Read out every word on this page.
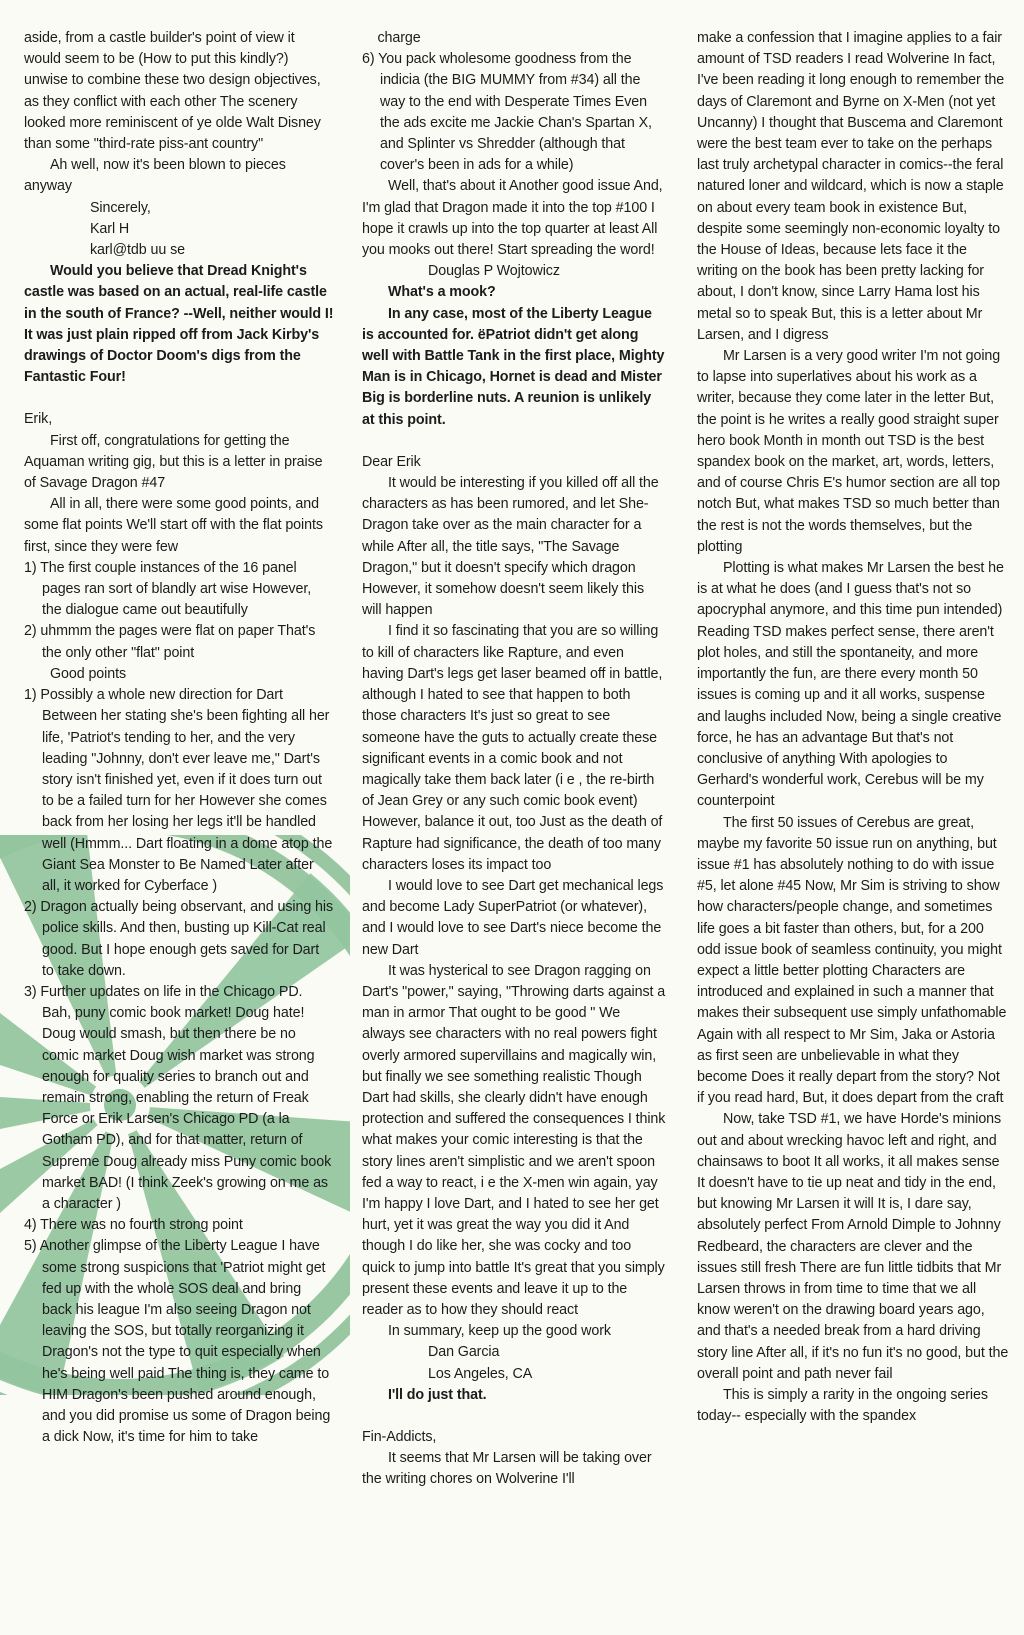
aside, from a castle builder's point of view it would seem to be (How to put this kindly?) unwise to combine these two design objectives, as they conflict with each other The scenery looked more reminiscent of ye olde Walt Disney than some "third-rate piss-ant country"

Ah well, now it's been blown to pieces anyway

Sincerely,

Karl H

karl@tdb uu se

Would you believe that Dread Knight's castle was based on an actual, real-life castle in the south of France? --Well, neither would I! It was just plain ripped off from Jack Kirby's drawings of Doctor Doom's digs from the Fantastic Four!

Erik,

First off, congratulations for getting the Aquaman writing gig, but this is a letter in praise of Savage Dragon #47

All in all, there were some good points, and some flat points We'll start off with the flat points first, since they were few

1) The first couple instances of the 16 panel pages ran sort of blandly art wise However, the dialogue came out beautifully

2) uhmmm the pages were flat on paper That's the only other "flat" point

Good points

1) Possibly a whole new direction for Dart Between her stating she's been fighting all her life, 'Patriot's tending to her, and the very leading "Johnny, don't ever leave me," Dart's story isn't finished yet, even if it does turn out to be a failed turn for her However she comes back from her losing her legs it'll be handled well (Hmmm... Dart floating in a dome atop the Giant Sea Monster to Be Named Later after all, it worked for Cyberface )

2) Dragon actually being observant, and using his police skills. And then, busting up Kill-Cat real good. But I hope enough gets saved for Dart to take down.

3) Further updates on life in the Chicago PD. Bah, puny comic book market! Doug hate! Doug would smash, but then there be no comic market Doug wish market was strong enough for quality series to branch out and remain strong, enabling the return of Freak Force or Erik Larsen's Chicago PD (a la Gotham PD), and for that matter, return of Supreme Doug already miss Puny comic book market BAD! (I think Zeek's growing on me as a character )

4) There was no fourth strong point

5) Another glimpse of the Liberty League I have some strong suspicions that 'Patriot might get fed up with the whole SOS deal and bring back his league I'm also seeing Dragon not leaving the SOS, but totally reorganizing it Dragon's not the type to quit especially when he's being well paid The thing is, they came to HIM Dragon's been pushed around enough, and you did promise us some of Dragon being a dick Now, it's time for him to take

charge

6) You pack wholesome goodness from the indicia (the BIG MUMMY from #34) all the way to the end with Desperate Times Even the ads excite me Jackie Chan's Spartan X, and Splinter vs Shredder (although that cover's been in ads for a while)

Well, that's about it Another good issue And, I'm glad that Dragon made it into the top #100 I hope it crawls up into the top quarter at least All you mooks out there! Start spreading the word!

Douglas P Wojtowicz

What's a mook?

In any case, most of the Liberty League is accounted for. ëPatriot didn't get along well with Battle Tank in the first place, Mighty Man is in Chicago, Hornet is dead and Mister Big is borderline nuts. A reunion is unlikely at this point.

Dear Erik

It would be interesting if you killed off all the characters as has been rumored, and let She-Dragon take over as the main character for a while After all, the title says, "The Savage Dragon," but it doesn't specify which dragon However, it somehow doesn't seem likely this will happen

I find it so fascinating that you are so willing to kill of characters like Rapture, and even having Dart's legs get laser beamed off in battle, although I hated to see that happen to both those characters It's just so great to see someone have the guts to actually create these significant events in a comic book and not magically take them back later (i e , the re-birth of Jean Grey or any such comic book event) However, balance it out, too Just as the death of Rapture had significance, the death of too many characters loses its impact too

I would love to see Dart get mechanical legs and become Lady SuperPatriot (or whatever), and I would love to see Dart's niece become the new Dart

It was hysterical to see Dragon ragging on Dart's "power," saying, "Throwing darts against a man in armor That ought to be good " We always see characters with no real powers fight overly armored supervillains and magically win, but finally we see something realistic Though Dart had skills, she clearly didn't have enough protection and suffered the consequences I think what makes your comic interesting is that the story lines aren't simplistic and we aren't spoon fed a way to react, i e the X-men win again, yay I'm happy I love Dart, and I hated to see her get hurt, yet it was great the way you did it And though I do like her, she was cocky and too quick to jump into battle It's great that you simply present these events and leave it up to the reader as to how they should react

In summary, keep up the good work

Dan Garcia

Los Angeles, CA

I'll do just that.

Fin-Addicts,

It seems that Mr Larsen will be taking over the writing chores on Wolverine I'll

make a confession that I imagine applies to a fair amount of TSD readers I read Wolverine In fact, I've been reading it long enough to remember the days of Claremont and Byrne on X-Men (not yet Uncanny) I thought that Buscema and Claremont were the best team ever to take on the perhaps last truly archetypal character in comics--the feral natured loner and wildcard, which is now a staple on about every team book in existence But, despite some seemingly non-economic loyalty to the House of Ideas, because lets face it the writing on the book has been pretty lacking for about, I don't know, since Larry Hama lost his metal so to speak But, this is a letter about Mr Larsen, and I digress

Mr Larsen is a very good writer I'm not going to lapse into superlatives about his work as a writer, because they come later in the letter But, the point is he writes a really good straight super hero book Month in month out TSD is the best spandex book on the market, art, words, letters, and of course Chris E's humor section are all top notch But, what makes TSD so much better than the rest is not the words themselves, but the plotting

Plotting is what makes Mr Larsen the best he is at what he does (and I guess that's not so apocryphal anymore, and this time pun intended) Reading TSD makes perfect sense, there aren't plot holes, and still the spontaneity, and more importantly the fun, are there every month 50 issues is coming up and it all works, suspense and laughs included Now, being a single creative force, he has an advantage But that's not conclusive of anything With apologies to Gerhard's wonderful work, Cerebus will be my counterpoint

The first 50 issues of Cerebus are great, maybe my favorite 50 issue run on anything, but issue #1 has absolutely nothing to do with issue #5, let alone #45 Now, Mr Sim is striving to show how characters/people change, and sometimes life goes a bit faster than others, but, for a 200 odd issue book of seamless continuity, you might expect a little better plotting Characters are introduced and explained in such a manner that makes their subsequent use simply unfathomable Again with all respect to Mr Sim, Jaka or Astoria as first seen are unbelievable in what they become Does it really depart from the story? Not if you read hard, But, it does depart from the craft

Now, take TSD #1, we have Horde's minions out and about wrecking havoc left and right, and chainsaws to boot It all works, it all makes sense It doesn't have to tie up neat and tidy in the end, but knowing Mr Larsen it will It is, I dare say, absolutely perfect From Arnold Dimple to Johnny Redbeard, the characters are clever and the issues still fresh There are fun little tidbits that Mr Larsen throws in from time to time that we all know weren't on the drawing board years ago, and that's a needed break from a hard driving story line After all, if it's no fun it's no good, but the overall point and path never fail

This is simply a rarity in the ongoing series today-- especially with the spandex
